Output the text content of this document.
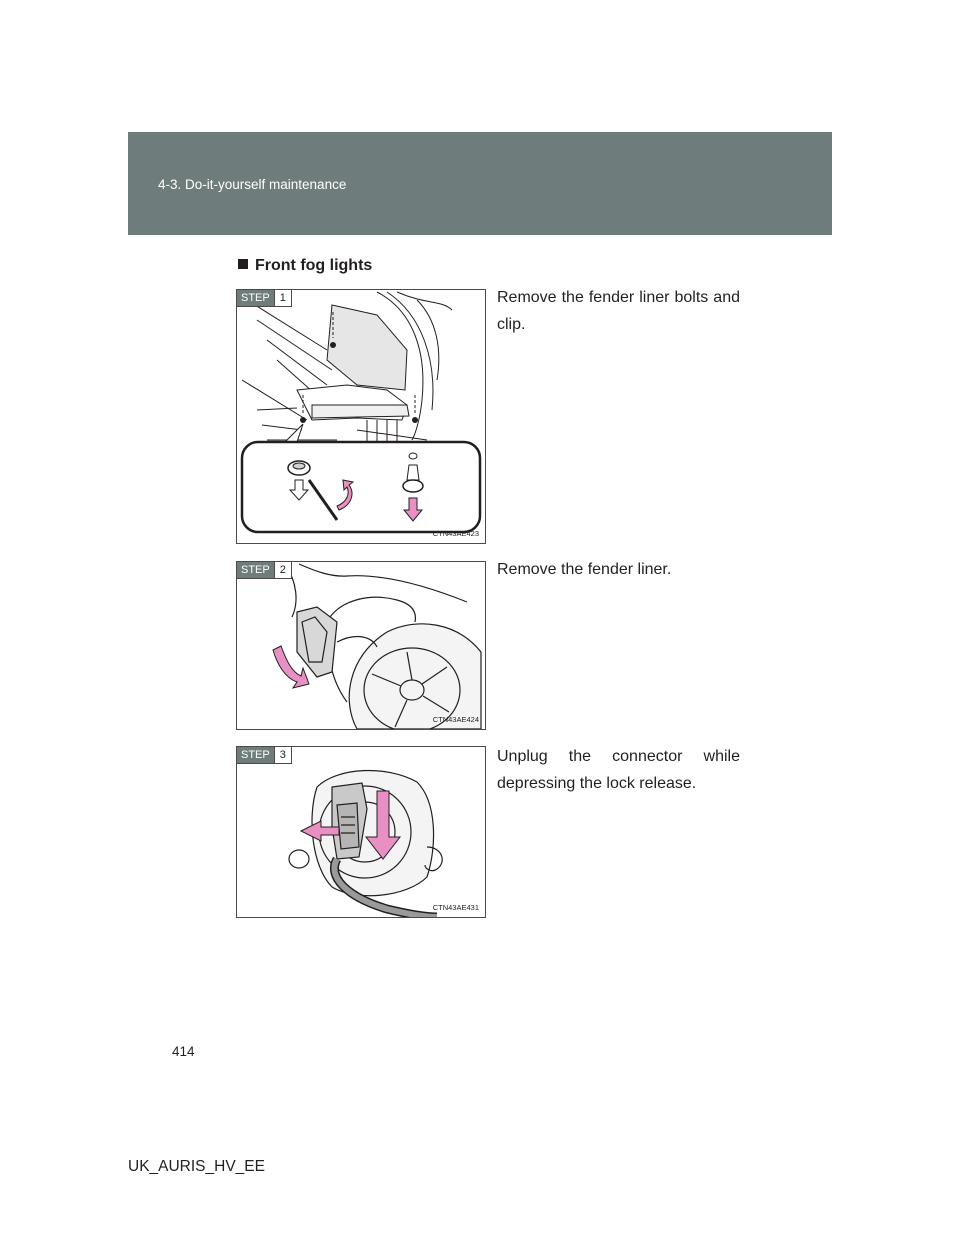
4-3. Do-it-yourself maintenance
Front fog lights
STEP 1
CTN43AE423
Remove the fender liner bolts and clip.
STEP 2
CTN43AE424
Remove the fender liner.
STEP 3
CTN43AE431
Unplug the connector while depressing the lock release.
414
UK_AURIS_HV_EE
